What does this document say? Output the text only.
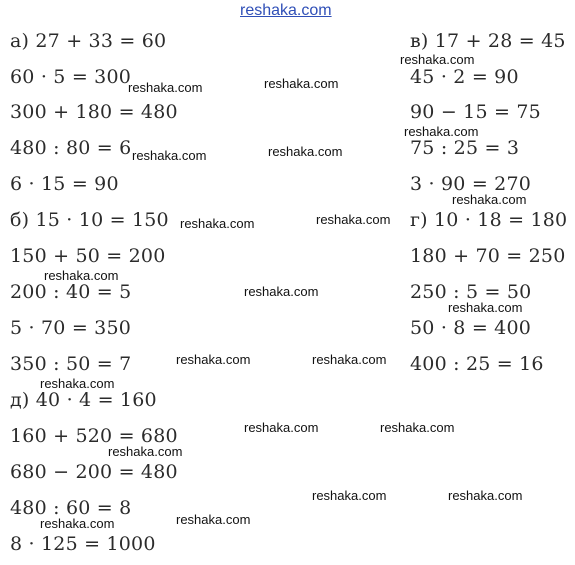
reshaka.com
а) 27 + 33 = 60
60 · 5 = 300
300 + 180 = 480
480 : 80 = 6
6 · 15 = 90
б) 15 · 10 = 150
150 + 50 = 200
200 : 40 = 5
5 · 70 = 350
350 : 50 = 7
д) 40 · 4 = 160
160 + 520 = 680
680 − 200 = 480
480 : 60 = 8
8 · 125 = 1000
в) 17 + 28 = 45
45 · 2 = 90
90 − 15 = 75
75 : 25 = 3
3 · 90 = 270
г) 10 · 18 = 180
180 + 70 = 250
250 : 5 = 50
50 · 8 = 400
400 : 25 = 16
reshaka.com	reshaka.com
reshaka.com
reshaka.com
reshaka.com	reshaka.com
reshaka.com
reshaka.com	reshaka.com
reshaka.com
reshaka.com
reshaka.com
reshaka.com	reshaka.com
reshaka.com
reshaka.com	reshaka.com
reshaka.com
reshaka.com	reshaka.com
reshaka.com	reshaka.com
